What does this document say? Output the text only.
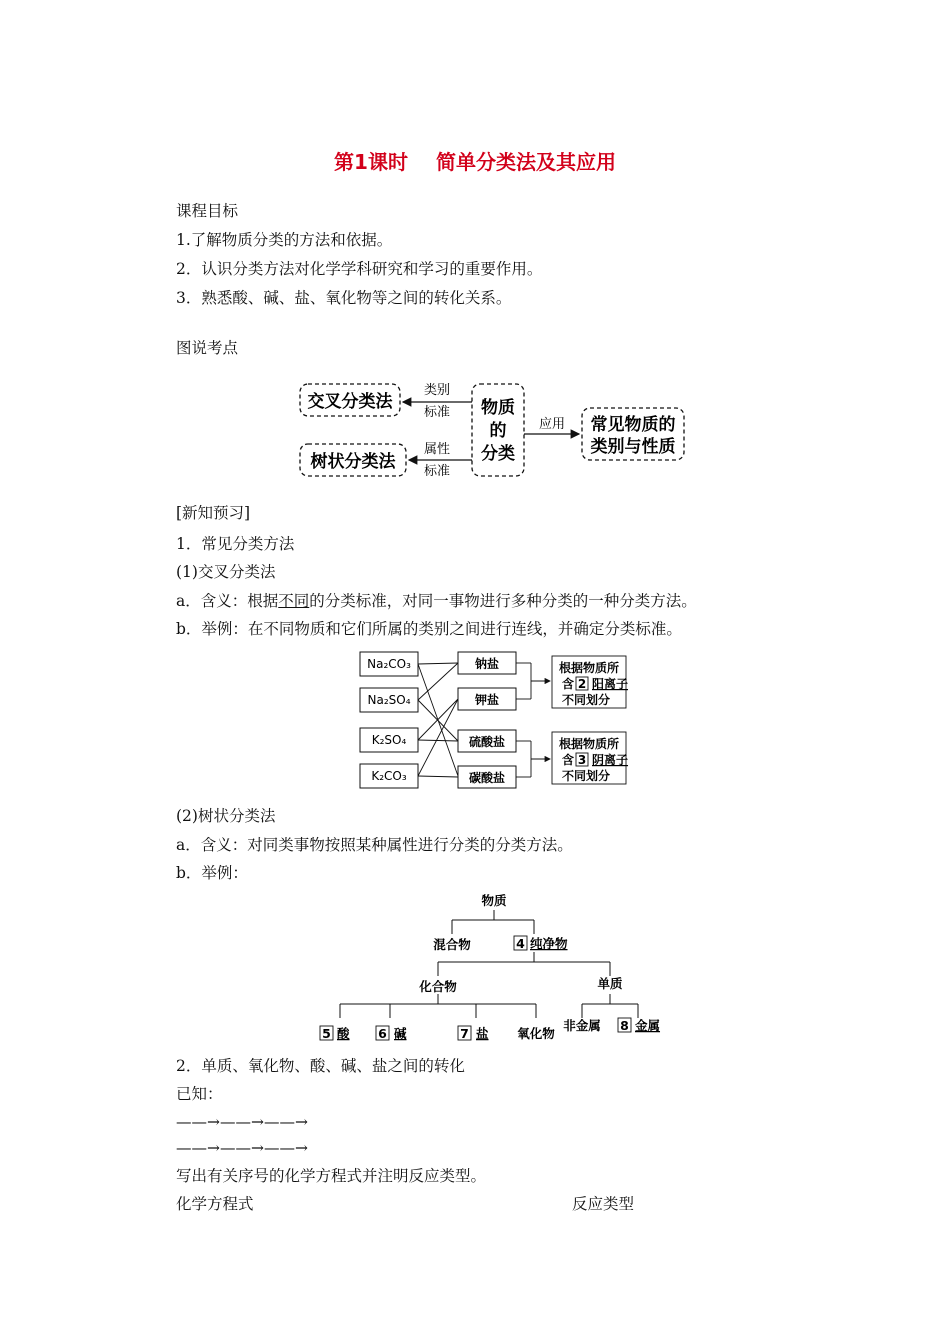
第1课时 简单分类法及其应用
课程目标
1.了解物质分类的方法和依据。
2．认识分类方法对化学学科研究和学习的重要作用。
3．熟悉酸、碱、盐、氧化物等之间的转化关系。
图说考点
交叉分类法
树状分类法
物质
的
分类
常见物质的
类别与性质
类别
标准
属性
标准
应用
[新知预习]
1．常见分类方法
(1)交叉分类法
a．含义：根据不同的分类标准，对同一事物进行多种分类的一种分类方法。
b．举例：在不同物质和它们所属的类别之间进行连线，并确定分类标准。
Na₂CO₃
Na₂SO₄
K₂SO₄
K₂CO₃
钠盐
钾盐
硫酸盐
碳酸盐
根据物质所
含 2 阳离子
不同划分
根据物质所
含 3 阴离子
不同划分
(2)树状分类法
a．含义：对同类事物按照某种属性进行分类的分类方法。
b．举例：
物质
混合物	4 纯净物
化合物	单质
5 酸 6 碱	7 盐 氧化物
非金属 8 金属
2．单质、氧化物、酸、碱、盐之间的转化
已知：
——→——→——→
——→——→——→
写出有关序号的化学方程式并注明反应类型。
化学方程式	反应类型
